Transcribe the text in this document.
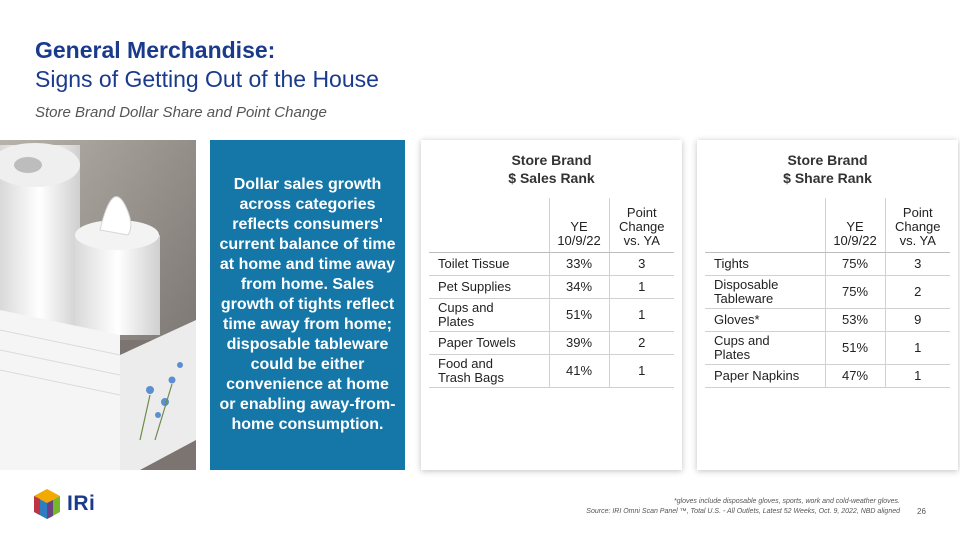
General Merchandise:
Signs of Getting Out of the House
Store Brand Dollar Share and Point Change
Dollar sales growth across categories reflects consumers' current balance of time at home and time away from home. Sales growth of tights reflect time away from home; disposable tableware could be either convenience at home or enabling away-from-home consumption.
Store Brand
$ Sales Rank
	YE
10/9/22	Point
Change
vs. YA
Toilet Tissue	33%	3
Pet Supplies	34%	1
Cups and
Plates	51%	1
Paper Towels	39%	2
Food and
Trash Bags	41%	1
Store Brand
$ Share Rank
	YE
10/9/22	Point
Change
vs. YA
Tights	75%	3
Disposable
Tableware	75%	2
Gloves*	53%	9
Cups and
Plates	51%	1
Paper Napkins	47%	1
IRi	*gloves include disposable gloves, sports, work and cold-weather gloves.
Source: IRI Omni Scan Panel ™, Total U.S. - All Outlets, Latest 52 Weeks, Oct. 9, 2022, NBD aligned 26
